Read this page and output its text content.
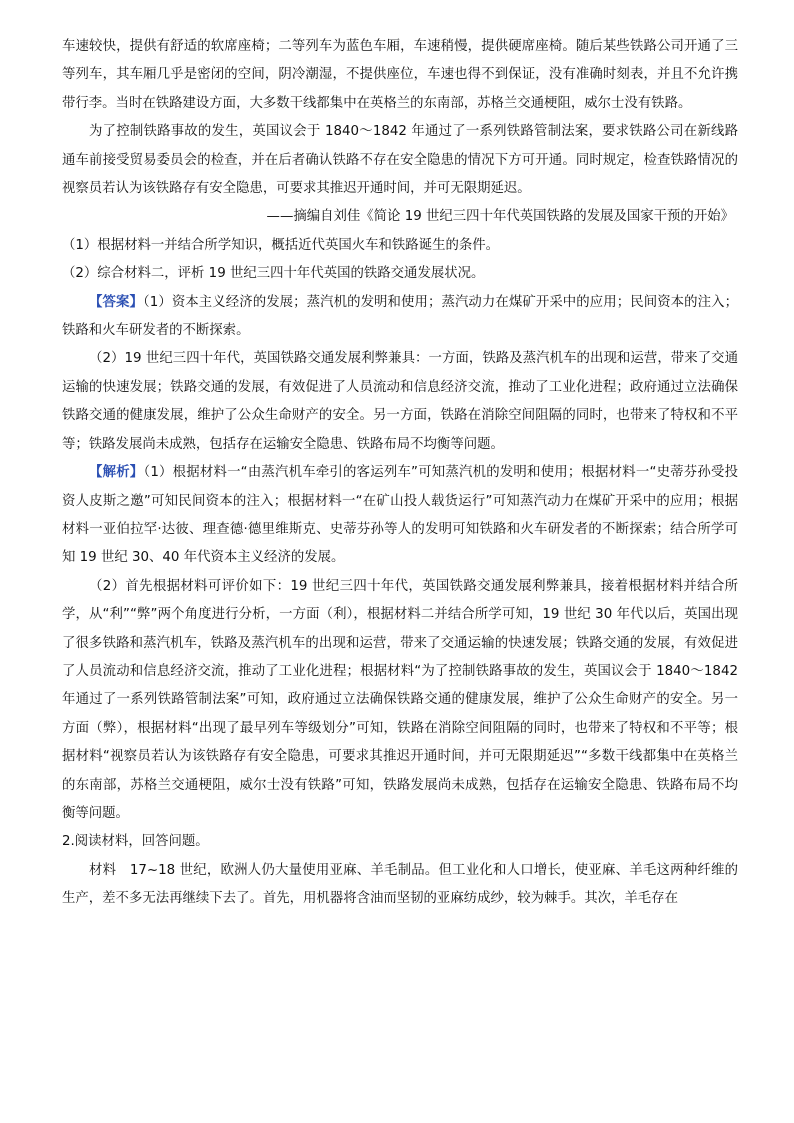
车速较快，提供有舒适的软席座椅；二等列车为蓝色车厢，车速稍慢，提供硬席座椅。随后某些铁路公司开通了三等列车，其车厢几乎是密闭的空间，阴冷潮湿，不提供座位，车速也得不到保证，没有准确时刻表，并且不允许携带行李。当时在铁路建设方面，大多数干线都集中在英格兰的东南部，苏格兰交通梗阻，威尔士没有铁路。

为了控制铁路事故的发生，英国议会于 1840～1842 年通过了一系列铁路管制法案，要求铁路公司在新线路通车前接受贸易委员会的检查，并在后者确认铁路不存在安全隐患的情况下方可开通。同时规定，检查铁路情况的视察员若认为该铁路存有安全隐患，可要求其推迟开通时间，并可无限期延迟。

——摘编自刘佳《简论 19 世纪三四十年代英国铁路的发展及国家干预的开始》

（1）根据材料一并结合所学知识，概括近代英国火车和铁路诞生的条件。

（2）综合材料二，评析 19 世纪三四十年代英国的铁路交通发展状况。

【答案】（1）资本主义经济的发展；蒸汽机的发明和使用；蒸汽动力在煤矿开采中的应用；民间资本的注入；铁路和火车研发者的不断探索。

（2）19 世纪三四十年代，英国铁路交通发展利弊兼具：一方面，铁路及蒸汽机车的出现和运营，带来了交通运输的快速发展；铁路交通的发展，有效促进了人员流动和信息经济交流，推动了工业化进程；政府通过立法确保铁路交通的健康发展，维护了公众生命财产的安全。另一方面，铁路在消除空间阻隔的同时，也带来了特权和不平等；铁路发展尚未成熟，包括存在运输安全隐患、铁路布局不均衡等问题。

【解析】（1）根据材料一“由蒸汽机车牵引的客运列车”可知蒸汽机的发明和使用；根据材料一“史蒂芬孙受投资人皮斯之邀”可知民间资本的注入；根据材料一“在矿山投人载货运行”可知蒸汽动力在煤矿开采中的应用；根据材料一亚伯拉罕·达彼、理查德·德里维斯克、史蒂芬孙等人的发明可知铁路和火车研发者的不断探索；结合所学可知 19 世纪 30、40 年代资本主义经济的发展。

（2）首先根据材料可评价如下：19 世纪三四十年代，英国铁路交通发展利弊兼具，接着根据材料并结合所学，从“利”“弊”两个角度进行分析，一方面（利），根据材料二并结合所学可知，19 世纪 30 年代以后，英国出现了很多铁路和蒸汽机车，铁路及蒸汽机车的出现和运营，带来了交通运输的快速发展；铁路交通的发展，有效促进了人员流动和信息经济交流，推动了工业化进程；根据材料“为了控制铁路事故的发生，英国议会于 1840～1842 年通过了一系列铁路管制法案”可知，政府通过立法确保铁路交通的健康发展，维护了公众生命财产的安全。另一方面（弊），根据材料“出现了最早列车等级划分”可知，铁路在消除空间阻隔的同时，也带来了特权和不平等；根据材料“视察员若认为该铁路存有安全隐患，可要求其推迟开通时间，并可无限期延迟”“多数干线都集中在英格兰的东南部，苏格兰交通梗阻，威尔士没有铁路”可知，铁路发展尚未成熟，包括存在运输安全隐患、铁路布局不均衡等问题。

2.阅读材料，回答问题。

材料　17~18 世纪，欧洲人仍大量使用亚麻、羊毛制品。但工业化和人口增长，使亚麻、羊毛这两种纤维的生产，差不多无法再继续下去了。首先，用机器将含油而坚韧的亚麻纺成纱，较为棘手。其次，羊毛存在
